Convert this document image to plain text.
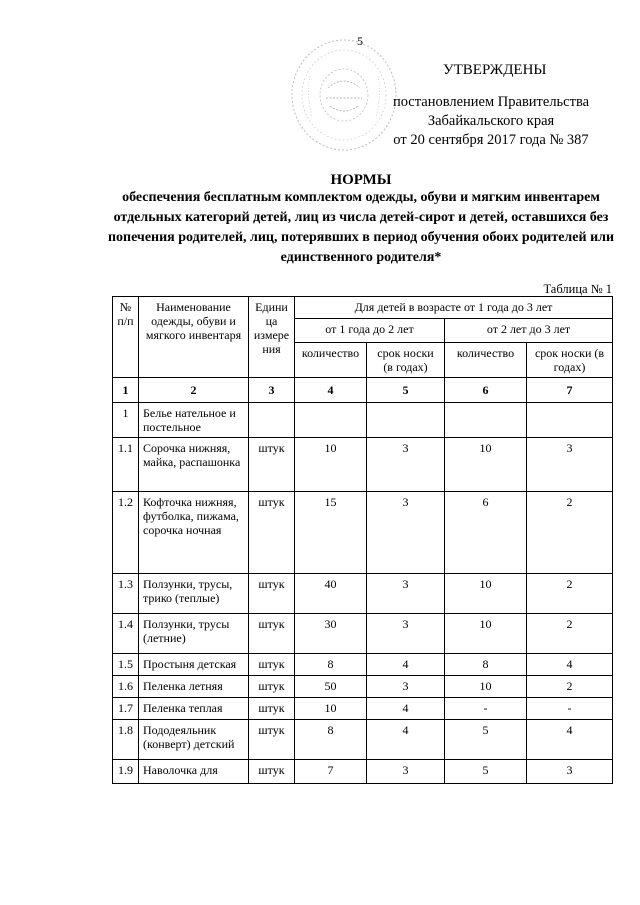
5
УТВЕРЖДЕНЫ
постановлением Правительства
Забайкальского края
от 20 сентября 2017 года № 387
НОРМЫ
обеспечения бесплатным комплектом одежды, обуви и мягким инвентарем отдельных категорий детей, лиц из числа детей-сирот и детей, оставшихся без попечения родителей, лиц, потерявших в период обучения обоих родителей или единственного родителя*
Таблица № 1
№ п/п	Наименование одежды, обуви и мягкого инвентаря	Едини ца измере ния	Для детей в возрасте от 1 года до 3 лет			
			от 1 года до 2 лет		от 2 лет до 3 лет	
			количество	срок носки (в годах)	количество	срок носки (в годах)
1	2	3	4	5	6	7
1	Белье нательное и постельное					
1.1	Сорочка нижняя, майка, распашонка	штук	10	3	10	3
1.2	Кофточка нижняя, футболка, пижама, сорочка ночная	штук	15	3	6	2
1.3	Ползунки, трусы, трико (теплые)	штук	40	3	10	2
1.4	Ползунки, трусы (летние)	штук	30	3	10	2
1.5	Простыня детская	штук	8	4	8	4
1.6	Пеленка летняя	штук	50	3	10	2
1.7	Пеленка теплая	штук	10	4	-	-
1.8	Пододеяльник (конверт) детский	штук	8	4	5	4
1.9	Наволочка для	штук	7	3	5	3
